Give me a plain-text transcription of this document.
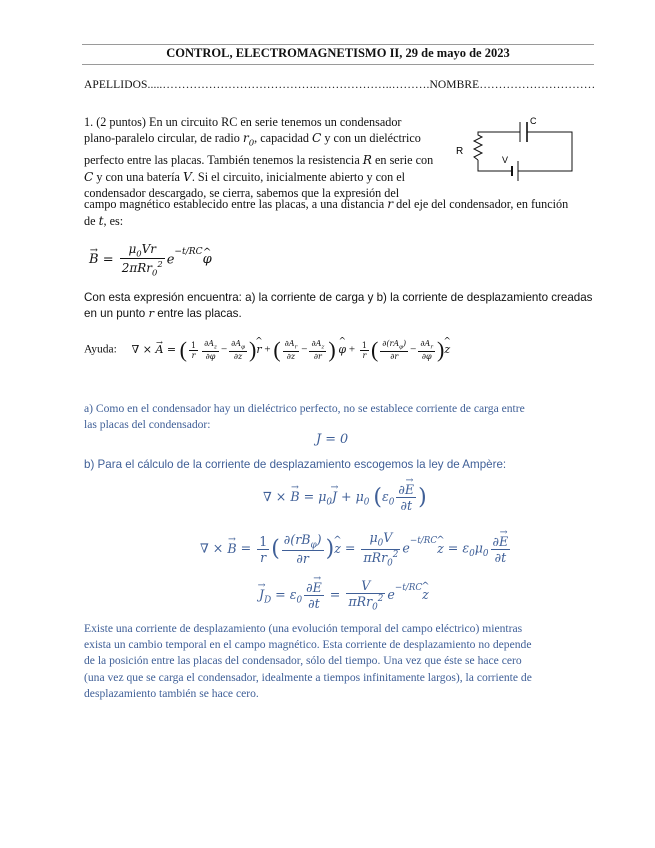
CONTROL, ELECTROMAGNETISMO II, 29 de mayo de 2023
APELLIDOS.....………………………………….………………..……….NOMBRE…………………………
1. (2 puntos) En un circuito RC en serie tenemos un condensador
plano-paralelo circular, de radio $r_0$, capacidad C y con un dieléctrico
perfecto entre las placas. También tenemos la resistencia R en serie con
C y con una batería V. Si el circuito, inicialmente abierto y con el
condensador descargado, se cierra, sabemos que la expresión del
campo magnético establecido entre las placas, a una distancia r del eje del condensador, en función
de t, es:
R
C
V
→ $B = \frac{\mu_0Vr}{2\pi Rr_0^2}$ $e^{-t/RC}\^{}$ φ
Con esta expresión encuentra: a) la corriente de carga y b) la corriente de desplazamiento creadas
en un punto r entre las placas.
Ayuda: ∇ × → A = ( $\frac{1}{r} \frac{\partial A_z}{\partial\varphi} - \frac{\partial A_\varphi}{\partial z}$ )^ r + ( $\frac{\partial A_r}{\partial z} - \frac{\partial A_z}{\partial r}$ ) ^ $\varphi + \frac{1}{r}$ ( $\frac{\partial(rA_\varphi)}{\partial r} - \frac{\partial A_r}{\partial\varphi}$ )^ z
a) Como en el condensador hay un dieléctrico perfecto, no se establece corriente de carga entre
las placas del condensador:
J = 0
b) Para el cálculo de la corriente de desplazamiento escogemos la ley de Ampère:
∇ × → $B = \mu_0\to J + \mu_0$ ($\varepsilon_0 \frac{\partial\to E}{\partial t}$ )
∇ × → $B = \frac{1}{r}$ ( $\frac{\partial(rB_\varphi)}{\partial r}$ )^ $z = \frac{\mu_0V}{\pi Rr_0^2}$ $e^{-t/RC}\^{}$ $z = \varepsilon_0\mu_0 \frac{\partial\to E}{\partial t}$
→ $J_D = \varepsilon_0 \frac{\partial\to E}{\partial t} = \frac{V}{\pi Rr_0^2}$ $e^{-t/RC}\^{}$ z
Existe una corriente de desplazamiento (una evolución temporal del campo eléctrico) mientras
exista un cambio temporal en el campo magnético. Esta corriente de desplazamiento no depende
de la posición entre las placas del condensador, sólo del tiempo. Una vez que éste se hace cero
(una vez que se carga el condensador, idealmente a tiempos infinitamente largos), la corriente de
desplazamiento también se hace cero.
